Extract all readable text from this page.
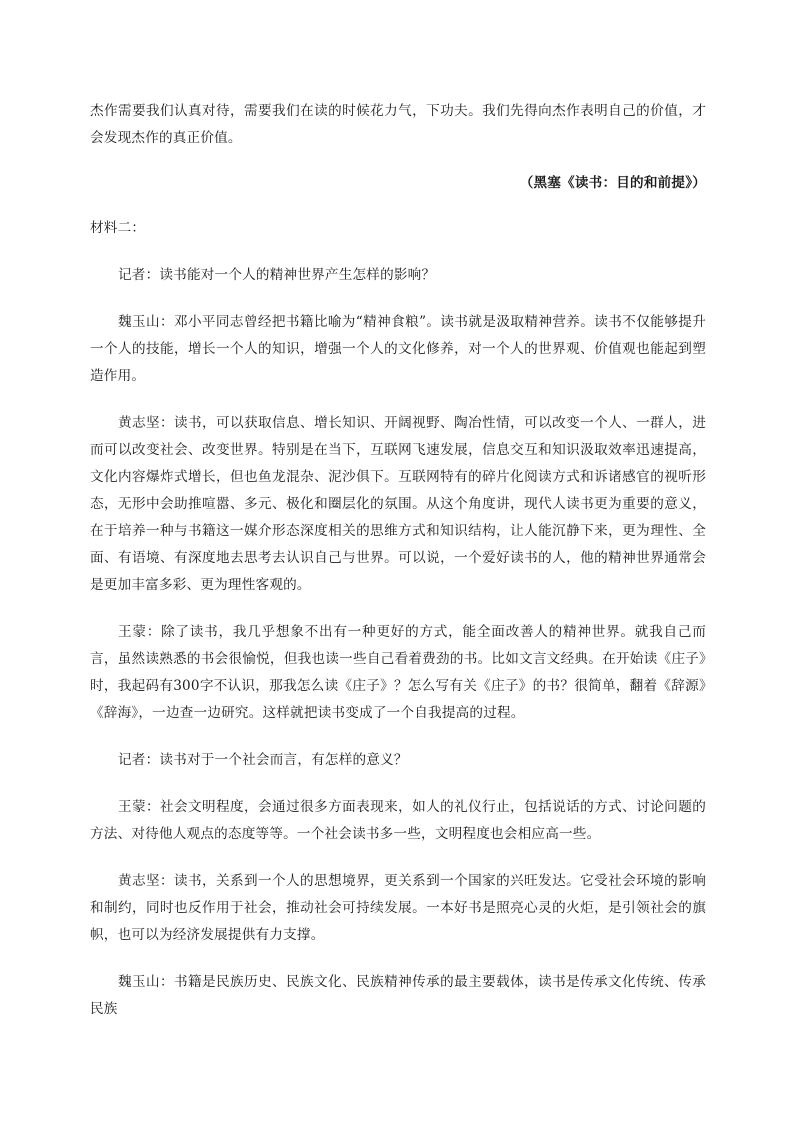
杰作需要我们认真对待，需要我们在读的时候花力气，下功夫。我们先得向杰作表明自己的价值，才会发现杰作的真正价值。

（黑塞《读书：目的和前提》）

材料二：

记者：读书能对一个人的精神世界产生怎样的影响？

魏玉山：邓小平同志曾经把书籍比喻为“精神食粮”。读书就是汲取精神营养。读书不仅能够提升一个人的技能，增长一个人的知识，增强一个人的文化修养，对一个人的世界观、价值观也能起到塑造作用。

黄志坚：读书，可以获取信息、增长知识、开阔视野、陶冶性情，可以改变一个人、一群人，进而可以改变社会、改变世界。特别是在当下，互联网飞速发展，信息交互和知识汲取效率迅速提高，文化内容爆炸式增长，但也鱼龙混杂、泥沙俱下。互联网特有的碎片化阅读方式和诉诸感官的视听形态，无形中会助推喧嚣、多元、极化和圈层化的氛围。从这个角度讲，现代人读书更为重要的意义，在于培养一种与书籍这一媒介形态深度相关的思维方式和知识结构，让人能沉静下来，更为理性、全面、有语境、有深度地去思考去认识自己与世界。可以说，一个爱好读书的人，他的精神世界通常会是更加丰富多彩、更为理性客观的。

王蒙：除了读书，我几乎想象不出有一种更好的方式，能全面改善人的精神世界。就我自己而言，虽然读熟悉的书会很愉悦，但我也读一些自己看着费劲的书。比如文言文经典。在开始读《庄子》时，我起码有300字不认识，那我怎么读《庄子》？怎么写有关《庄子》的书？很简单，翻着《辞源》《辞海》，一边查一边研究。这样就把读书变成了一个自我提高的过程。

记者：读书对于一个社会而言，有怎样的意义？

王蒙：社会文明程度，会通过很多方面表现来，如人的礼仪行止，包括说话的方式、讨论问题的方法、对待他人观点的态度等等。一个社会读书多一些，文明程度也会相应高一些。

黄志坚：读书，关系到一个人的思想境界，更关系到一个国家的兴旺发达。它受社会环境的影响和制约，同时也反作用于社会，推动社会可持续发展。一本好书是照亮心灵的火炬，是引领社会的旗帜，也可以为经济发展提供有力支撑。

魏玉山：书籍是民族历史、民族文化、民族精神传承的最主要载体，读书是传承文化传统、传承民族
